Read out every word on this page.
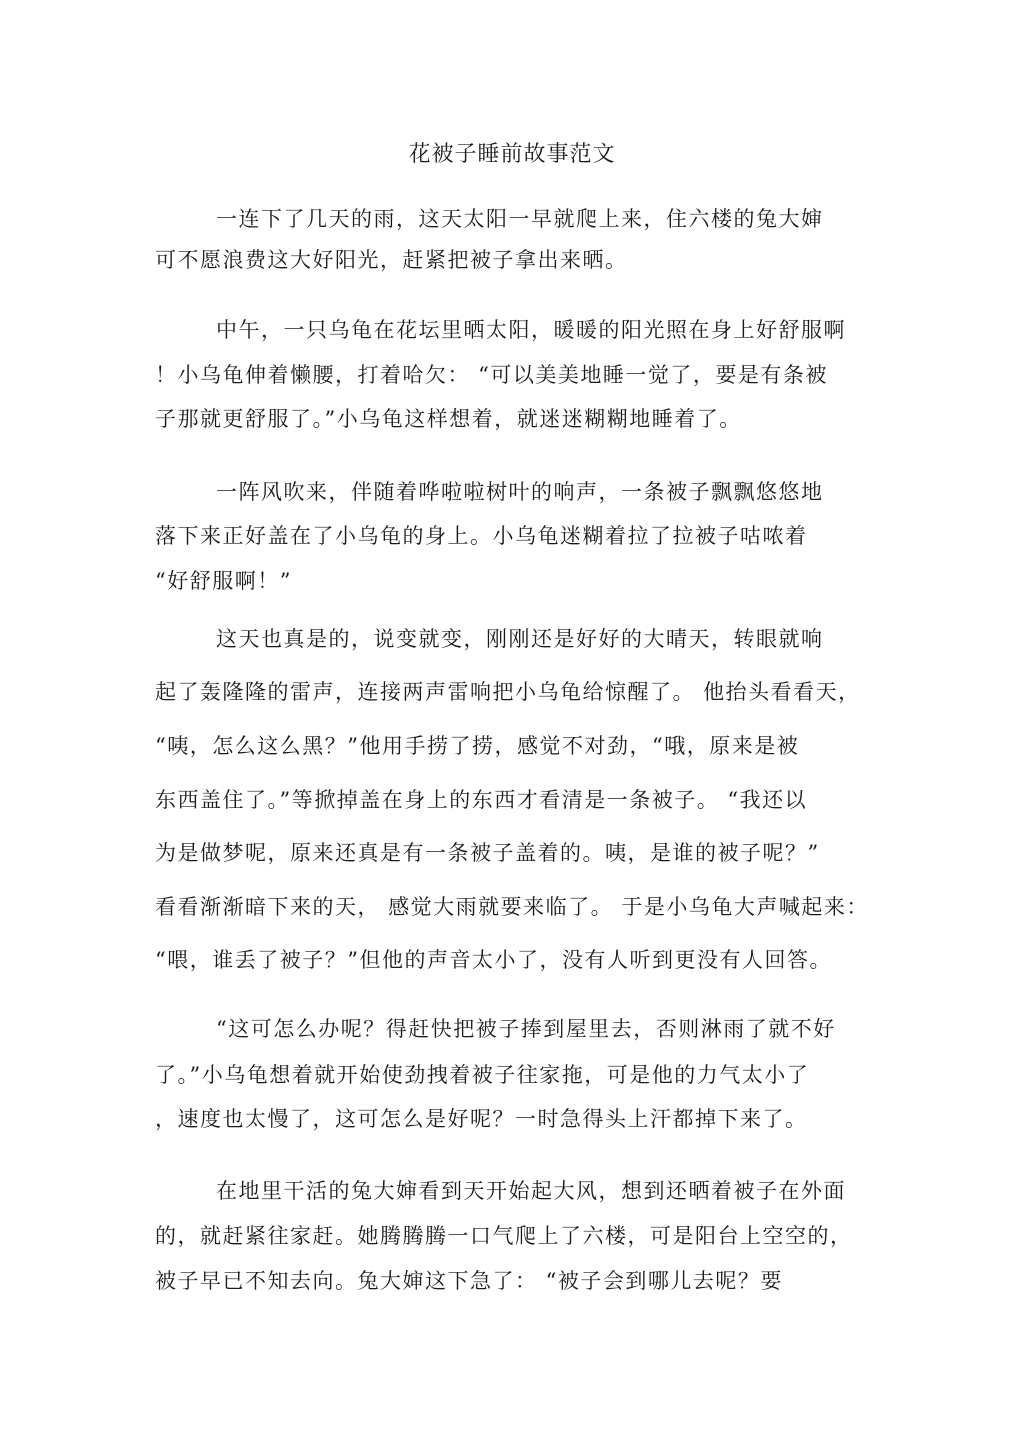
花被子睡前故事范文
一连下了几天的雨，这天太阳一早就爬上来，住六楼的兔大婶
可不愿浪费这大好阳光，赶紧把被子拿出来晒。
中午，一只乌龟在花坛里晒太阳，暖暖的阳光照在身上好舒服啊
！小乌龟伸着懒腰，打着哈欠： “可以美美地睡一觉了，要是有条被
子那就更舒服了。”小乌龟这样想着，就迷迷糊糊地睡着了。
一阵风吹来，伴随着哗啦啦树叶的响声，一条被子飘飘悠悠地
落下来正好盖在了小乌龟的身上。小乌龟迷糊着拉了拉被子咕哝着
“好舒服啊！”
这天也真是的，说变就变，刚刚还是好好的大晴天，转眼就响
起了轰隆隆的雷声，连接两声雷响把小乌龟给惊醒了。 他抬头看看天，
“咦，怎么这么黑？”他用手捞了捞，感觉不对劲，“哦，原来是被
东西盖住了。”等掀掉盖在身上的东西才看清是一条被子。 “我还以
为是做梦呢，原来还真是有一条被子盖着的。咦，是谁的被子呢？”
看看渐渐暗下来的天， 感觉大雨就要来临了。 于是小乌龟大声喊起来：
“喂，谁丢了被子？”但他的声音太小了，没有人听到更没有人回答。
“这可怎么办呢？得赶快把被子捧到屋里去，否则淋雨了就不好
了。”小乌龟想着就开始使劲拽着被子往家拖，可是他的力气太小了
，速度也太慢了，这可怎么是好呢？一时急得头上汗都掉下来了。
在地里干活的兔大婶看到天开始起大风，想到还晒着被子在外面
的，就赶紧往家赶。她腾腾腾一口气爬上了六楼，可是阳台上空空的，
被子早已不知去向。兔大婶这下急了： “被子会到哪儿去呢？要
